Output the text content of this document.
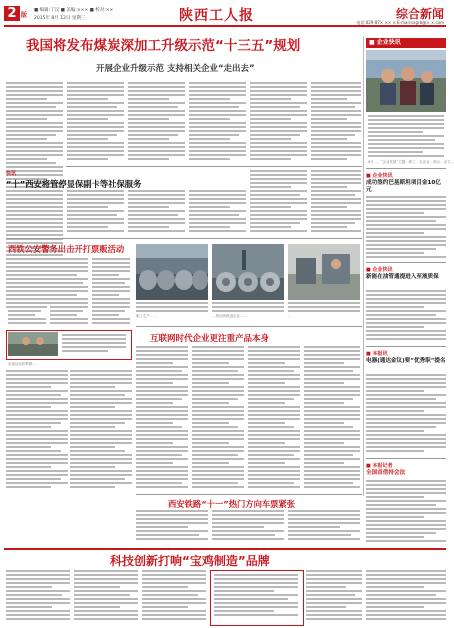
2 版
■ 编辑:丁汉 ■ 美编:××× ■ 校对:××
2015年 8月 12日 星期三	陕西工人报	综合新闻
电话:029-87× ×× × E-mail:sxgrb@× ×.com
我国将发布煤炭深加工升级示范“十三五”规划
开展企业升级示范 支持相关企业“走出去”
■ 企业快讯
8月…，“企业发展”主题…职工…在企业…展示…出力…
快讯
“十”西安将管停显保副卡等社保服务
西铁公安警务出击开打票贩活动
职工生产……	…将加快推进企业……	…
参加活动的铁路…
互联网时代企业更注重产品本身
西安铁路“十一”热门方向车票紧张
■ 企业快讯
成功签约巴基斯坦项目金10亿元
■ 企业快讯
新能在油管通提进入至液质保
■ 本报讯
电器(通达金议)要“优秀职”提名
■ 本报记者
全国首借持会法
科技创新打响“宝鸡制造”品牌
